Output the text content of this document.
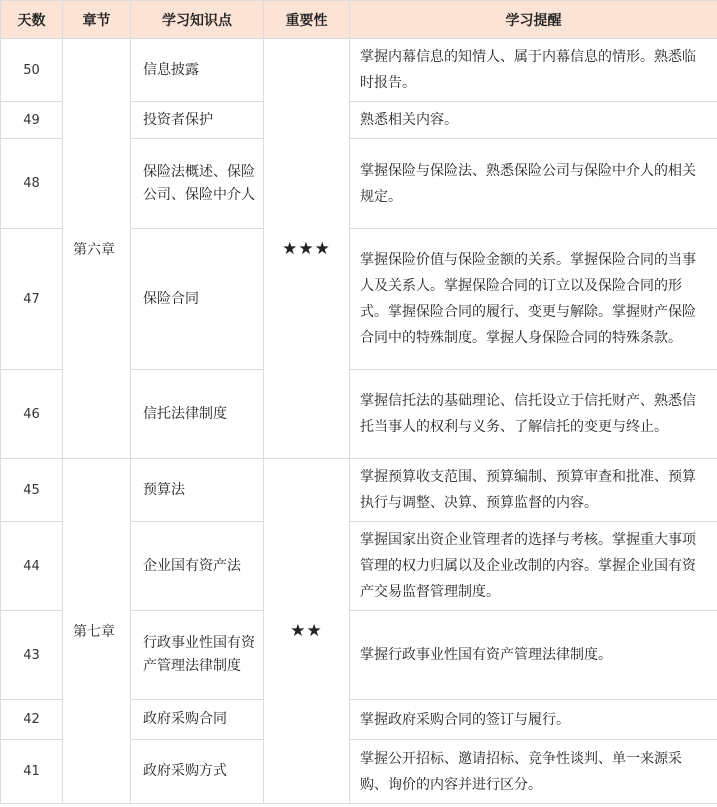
天数	章节	学习知识点	重要性	学习提醒
50	第六章	信息披露	★★★	掌握内幕信息的知情人、属于内幕信息的情形。熟悉临时报告。
49		投资者保护		熟悉相关内容。
48		保险法概述、保险公司、保险中介人		掌握保险与保险法、熟悉保险公司与保险中介人的相关规定。
47		保险合同		掌握保险价值与保险金额的关系。掌握保险合同的当事人及关系人。掌握保险合同的订立以及保险合同的形式。掌握保险合同的履行、变更与解除。掌握财产保险合同中的特殊制度。掌握人身保险合同的特殊条款。
46		信托法律制度		掌握信托法的基础理论、信托设立于信托财产、熟悉信托当事人的权利与义务、了解信托的变更与终止。
45	第七章	预算法	★★	掌握预算收支范围、预算编制、预算审查和批准、预算执行与调整、决算、预算监督的内容。
44		企业国有资产法		掌握国家出资企业管理者的选择与考核。掌握重大事项管理的权力归属以及企业改制的内容。掌握企业国有资产交易监督管理制度。
43		行政事业性国有资产管理法律制度		掌握行政事业性国有资产管理法律制度。
42		政府采购合同		掌握政府采购合同的签订与履行。
41		政府采购方式		掌握公开招标、邀请招标、竞争性谈判、单一来源采购、询价的内容并进行区分。
